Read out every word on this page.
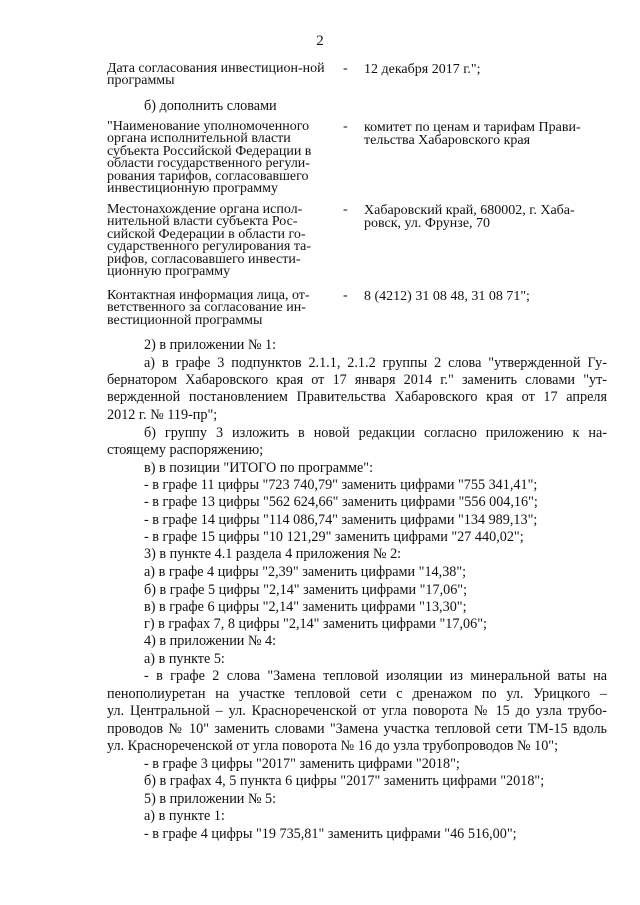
2
Дата согласования инвестицион-ной программы
- 12 декабря 2017 г.";
б) дополнить словами
"Наименование уполномоченного органа исполнительной власти субъекта Российской Федерации в области государственного регули-рования тарифов, согласовавшего инвестиционную программу
- комитет по ценам и тарифам Прави-тельства Хабаровского края
Местонахождение органа испол-нительной власти субъекта Рос-сийской Федерации в области го-сударственного регулирования та-рифов, согласовавшего инвести-ционную программу
- Хабаровский край, 680002, г. Хаба-ровск, ул. Фрунзе, 70
Контактная информация лица, от-ветственного за согласование ин-вестиционной программы
- 8 (4212) 31 08 48, 31 08 71";
2) в приложении № 1:
а) в графе 3 подпунктов 2.1.1, 2.1.2 группы 2 слова "утвержденной Гу-
бернатором Хабаровского края от 17 января 2014 г." заменить словами "ут-
вержденной постановлением Правительства Хабаровского края от 17 апреля
2012 г. № 119-пр";
б) группу 3 изложить в новой редакции согласно приложению к на-
стоящему распоряжению;
в) в позиции "ИТОГО по программе":
- в графе 11 цифры "723 740,79" заменить цифрами "755 341,41";
- в графе 13 цифры "562 624,66" заменить цифрами "556 004,16";
- в графе 14 цифры "114 086,74" заменить цифрами "134 989,13";
- в графе 15 цифры "10 121,29" заменить цифрами "27 440,02";
3) в пункте 4.1 раздела 4 приложения № 2:
а) в графе 4 цифры "2,39" заменить цифрами "14,38";
б) в графе 5 цифры "2,14" заменить цифрами "17,06";
в) в графе 6 цифры "2,14" заменить цифрами "13,30";
г) в графах 7, 8 цифры "2,14" заменить цифрами "17,06";
4) в приложении № 4:
а) в пункте 5:
- в графе 2 слова "Замена тепловой изоляции из минеральной ваты на
пенополиуретан на участке тепловой сети с дренажом по ул. Урицкого –
ул. Центральной – ул. Краснореченской от угла поворота № 15 до узла трубо-
проводов № 10" заменить словами "Замена участка тепловой сети ТМ-15 вдоль
ул. Краснореченской от угла поворота № 16 до узла трубопроводов № 10";
- в графе 3 цифры "2017" заменить цифрами "2018";
б) в графах 4, 5 пункта 6 цифры "2017" заменить цифрами "2018";
5) в приложении № 5:
а) в пункте 1:
- в графе 4 цифры "19 735,81" заменить цифрами "46 516,00";
